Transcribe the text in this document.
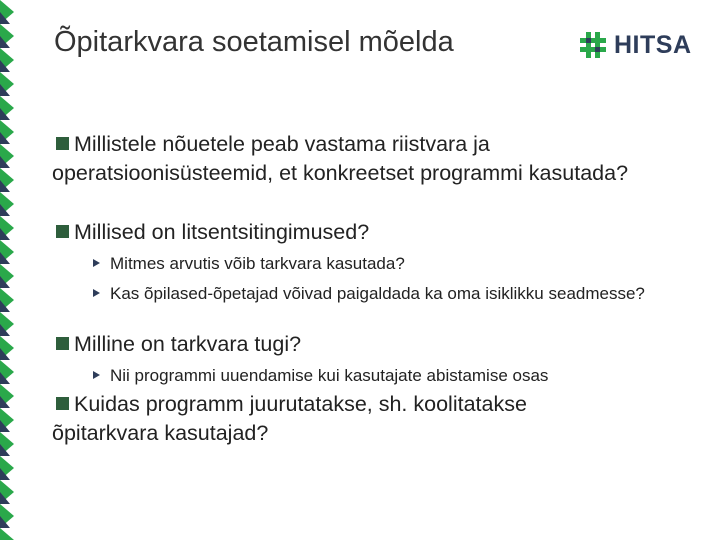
Õpitarkvara soetamisel mõelda	HITSA
Millistele nõuetele peab vastama riistvara ja operatsioonisüsteemid, et konkreetset programmi kasutada?
Millised on litsentsitingimused?
Mitmes arvutis võib tarkvara kasutada?
Kas õpilased-õpetajad võivad paigaldada ka oma isiklikku seadmesse?
Milline on tarkvara tugi?
Nii programmi uuendamise kui kasutajate abistamise osas
Kuidas programm juurutatakse, sh. koolitatakse õpitarkvara kasutajad?
